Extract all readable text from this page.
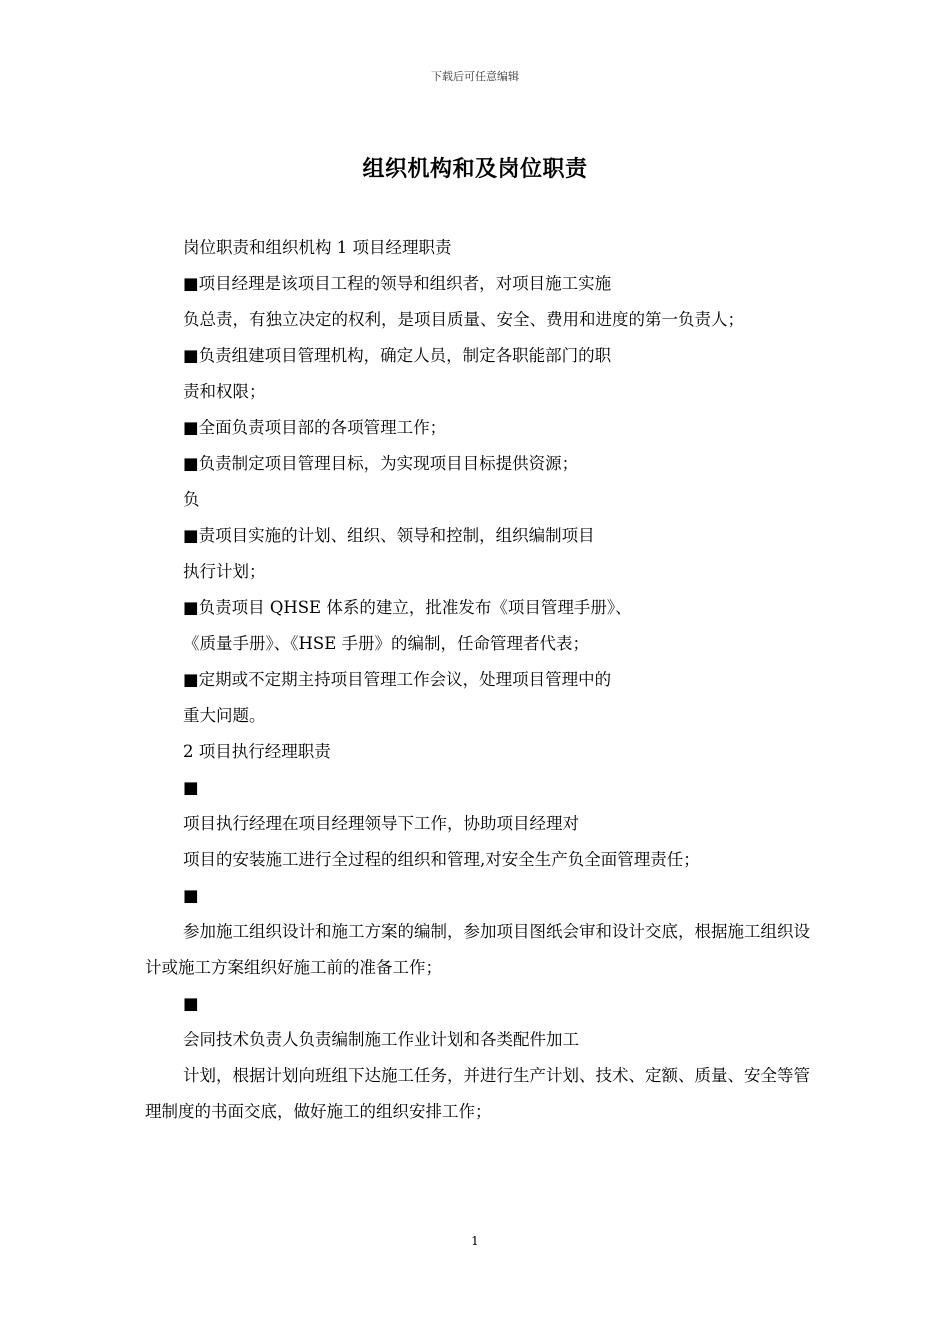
下载后可任意编辑
组织机构和及岗位职责
岗位职责和组织机构 1 项目经理职责
■项目经理是该项目工程的领导和组织者，对项目施工实施
负总责，有独立决定的权利，是项目质量、安全、费用和进度的第一负责人；
■负责组建项目管理机构，确定人员，制定各职能部门的职
责和权限；
■全面负责项目部的各项管理工作；
■负责制定项目管理目标，为实现项目目标提供资源；
负
■责项目实施的计划、组织、领导和控制，组织编制项目
执行计划；
■负责项目 QHSE 体系的建立，批准发布《项目管理手册》、
《质量手册》、《HSE 手册》的编制，任命管理者代表；
■定期或不定期主持项目管理工作会议，处理项目管理中的
重大问题。
2 项目执行经理职责
■
项目执行经理在项目经理领导下工作，协助项目经理对
项目的安装施工进行全过程的组织和管理,对安全生产负全面管理责任；
■
参加施工组织设计和施工方案的编制，参加项目图纸会审和设计交底，根据施工组织设计或施工方案组织好施工前的准备工作；
■
会同技术负责人负责编制施工作业计划和各类配件加工
计划，根据计划向班组下达施工任务，并进行生产计划、技术、定额、质量、安全等管理制度的书面交底，做好施工的组织安排工作；
1
